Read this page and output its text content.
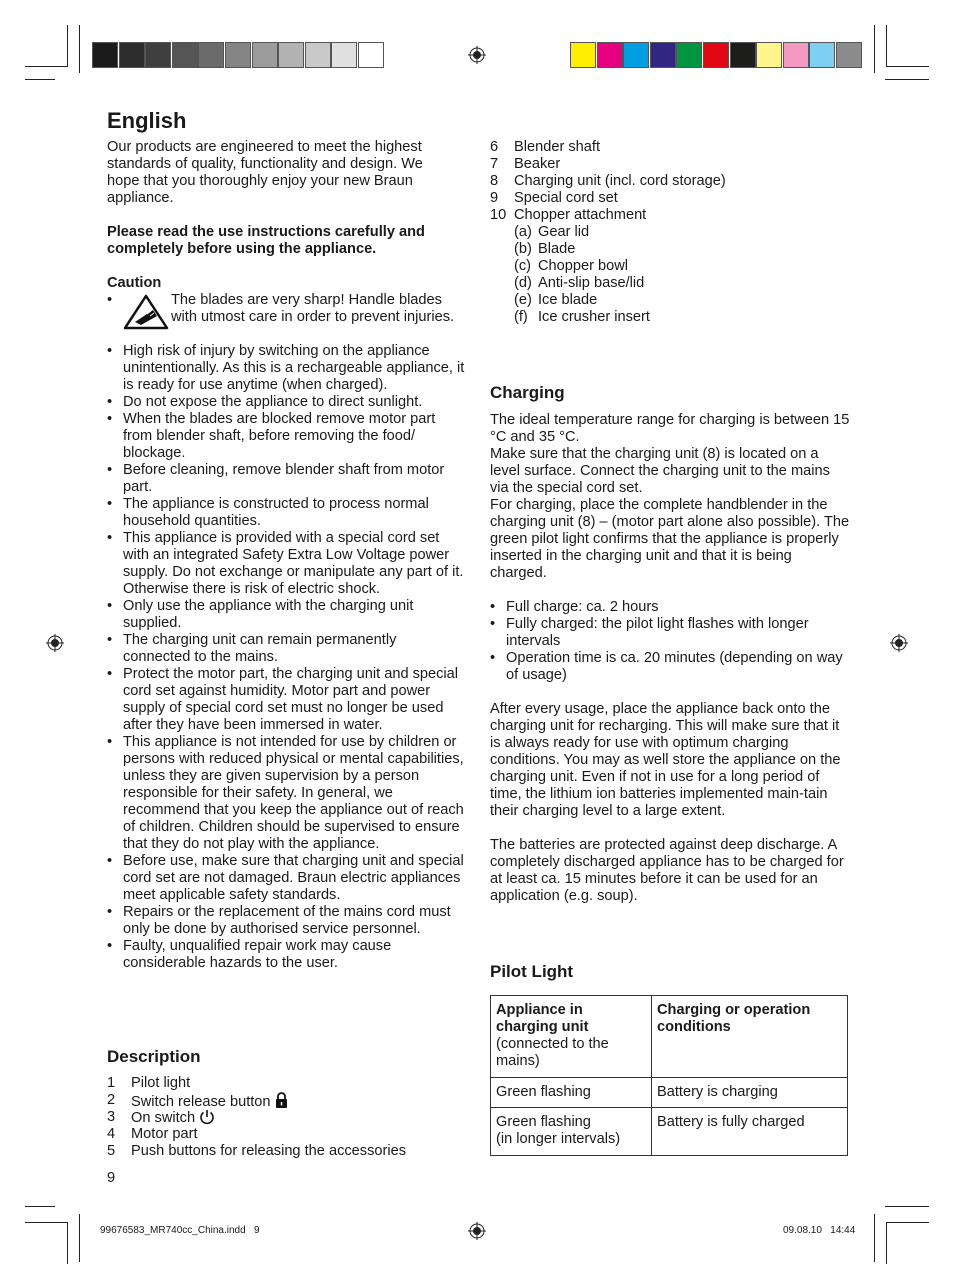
English
Our products are engineered to meet the highest standards of quality, functionality and design. We hope that you thoroughly enjoy your new Braun appliance.
Please read the use instructions carefully and completely before using the appliance.
Caution
•	The blades are very sharp! Handle blades with utmost care in order to prevent injuries.
• High risk of injury by switching on the appliance unintentionally. As this is a rechargeable appliance, it is ready for use anytime (when charged).
• Do not expose the appliance to direct sunlight.
• When the blades are blocked remove motor part from blender shaft, before removing the food/ blockage.
• Before cleaning, remove blender shaft from motor part.
• The appliance is constructed to process normal household quantities.
• This appliance is provided with a special cord set with an integrated Safety Extra Low Voltage power supply. Do not exchange or manipulate any part of it. Otherwise there is risk of electric shock.
• Only use the appliance with the charging unit supplied.
• The charging unit can remain permanently connected to the mains.
• Protect the motor part, the charging unit and special cord set against humidity. Motor part and power supply of special cord set must no longer be used after they have been immersed in water.
• This appliance is not intended for use by children or persons with reduced physical or mental capabilities, unless they are given supervision by a person responsible for their safety. In general, we recommend that you keep the appliance out of reach of children. Children should be supervised to ensure that they do not play with the appliance.
• Before use, make sure that charging unit and special cord set are not damaged. Braun electric appliances meet applicable safety standards.
• Repairs or the replacement of the mains cord must only be done by authorised service personnel.
• Faulty, unqualified repair work may cause considerable hazards to the user.
Description
1 Pilot light
2 Switch release button
3 On switch
4 Motor part
5 Push buttons for releasing the accessories
9
6 Blender shaft
7 Beaker
8 Charging unit (incl. cord storage)
9 Special cord set
10 Chopper attachment
(a) Gear lid
(b) Blade
(c) Chopper bowl
(d) Anti-slip base/lid
(e) Ice blade
(f) Ice crusher insert
Charging
The ideal temperature range for charging is between 15 °C and 35 °C.
Make sure that the charging unit (8) is located on a level surface. Connect the charging unit to the mains via the special cord set.
For charging, place the complete handblender in the charging unit (8) – (motor part alone also possible). The green pilot light confirms that the appliance is properly inserted in the charging unit and that it is being charged.
• Full charge: ca. 2 hours
• Fully charged: the pilot light flashes with longer intervals
• Operation time is ca. 20 minutes (depending on way of usage)
After every usage, place the appliance back onto the charging unit for recharging. This will make sure that it is always ready for use with optimum charging conditions. You may as well store the appliance on the charging unit. Even if not in use for a long period of time, the lithium ion batteries implemented main-tain their charging level to a large extent.
The batteries are protected against deep discharge. A completely discharged appliance has to be charged for at least ca. 15 minutes before it can be used for an application (e.g. soup).
Pilot Light
Appliance in charging unit
(connected to the mains)	Charging or operation conditions
Green flashing	Battery is charging
Green flashing
(in longer intervals)	Battery is fully charged
99676583_MR740cc_China.indd   9	09.08.10   14:44
